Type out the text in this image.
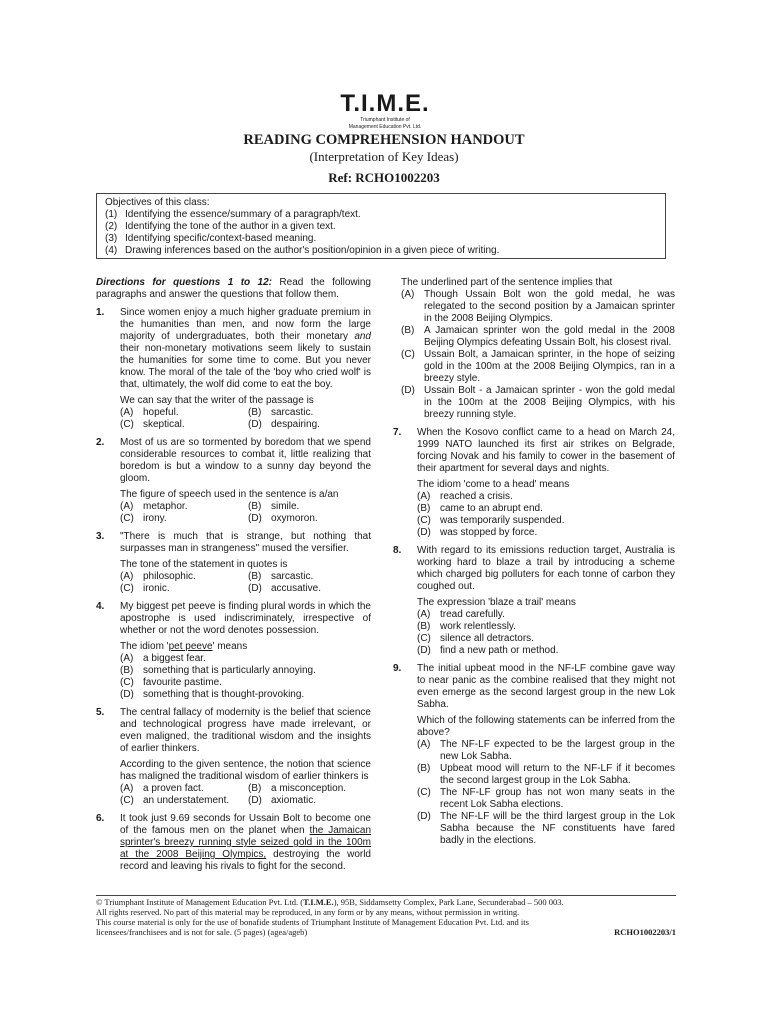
T.I.M.E.
Triumphant Institute of
Management Education Pvt. Ltd.
READING COMPREHENSION HANDOUT
(Interpretation of Key Ideas)
Ref: RCHO1002203
Objectives of this class:
(1) Identifying the essence/summary of a paragraph/text.
(2) Identifying the tone of the author in a given text.
(3) Identifying specific/context-based meaning.
(4) Drawing inferences based on the author's position/opinion in a given piece of writing.

Directions for questions 1 to 12: Read the following paragraphs and answer the questions that follow them.

1. Since women enjoy a much higher graduate premium in the humanities than men, and now form the large majority of undergraduates, both their monetary and their non-monetary motivations seem likely to sustain the humanities for some time to come. But you never know. The moral of the tale of the 'boy who cried wolf' is that, ultimately, the wolf did come to eat the boy.

We can say that the writer of the passage is

(A) hopeful.	(B) sarcastic.
(C) skeptical.	(D) despairing.
2. Most of us are so tormented by boredom that we spend considerable resources to combat it, little realizing that boredom is but a window to a sunny day beyond the gloom.

The figure of speech used in the sentence is a/an

(A) metaphor.	(B) simile.
(C) irony.	(D) oxymoron.
3. "There is much that is strange, but nothing that surpasses man in strangeness" mused the versifier.

The tone of the statement in quotes is

(A) philosophic.	(B) sarcastic.
(C) ironic.	(D) accusative.
4. My biggest pet peeve is finding plural words in which the apostrophe is used indiscriminately, irrespective of whether or not the word denotes possession.

The idiom 'pet peeve' means

(A) a biggest fear.
(B) something that is particularly annoying.
(C) favourite pastime.
(D) something that is thought-provoking.
5. The central fallacy of modernity is the belief that science and technological progress have made irrelevant, or even maligned, the traditional wisdom and the insights of earlier thinkers.

According to the given sentence, the notion that science has maligned the traditional wisdom of earlier thinkers is

(A) a proven fact.	(B) a misconception.
(C) an understatement.	(D) axiomatic.
6. It took just 9.69 seconds for Ussain Bolt to become one of the famous men on the planet when the Jamaican sprinter's breezy running style seized gold in the 100m at the 2008 Beijing Olympics, destroying the world record and leaving his rivals to fight for the second.

The underlined part of the sentence implies that

(A) Though Ussain Bolt won the gold medal, he was relegated to the second position by a Jamaican sprinter in the 2008 Beijing Olympics.
(B) A Jamaican sprinter won the gold medal in the 2008 Beijing Olympics defeating Ussain Bolt, his closest rival.
(C) Ussain Bolt, a Jamaican sprinter, in the hope of seizing gold in the 100m at the 2008 Beijing Olympics, ran in a breezy style.
(D) Ussain Bolt - a Jamaican sprinter - won the gold medal in the 100m at the 2008 Beijing Olympics, with his breezy running style.
7. When the Kosovo conflict came to a head on March 24, 1999 NATO launched its first air strikes on Belgrade, forcing Novak and his family to cower in the basement of their apartment for several days and nights.

The idiom 'come to a head' means

(A) reached a crisis.
(B) came to an abrupt end.
(C) was temporarily suspended.
(D) was stopped by force.
8. With regard to its emissions reduction target, Australia is working hard to blaze a trail by introducing a scheme which charged big polluters for each tonne of carbon they coughed out.

The expression 'blaze a trail' means

(A) tread carefully.
(B) work relentlessly.
(C) silence all detractors.
(D) find a new path or method.
9. The initial upbeat mood in the NF-LF combine gave way to near panic as the combine realised that they might not even emerge as the second largest group in the new Lok Sabha.

Which of the following statements can be inferred from the above?

(A) The NF-LF expected to be the largest group in the new Lok Sabha.
(B) Upbeat mood will return to the NF-LF if it becomes the second largest group in the Lok Sabha.
(C) The NF-LF group has not won many seats in the recent Lok Sabha elections.
(D) The NF-LF will be the third largest group in the Lok Sabha because the NF constituents have fared badly in the elections.
© Triumphant Institute of Management Education Pvt. Ltd. (T.I.M.E.), 95B, Siddamsetty Complex, Park Lane, Secunderabad – 500 003.
All rights reserved. No part of this material may be reproduced, in any form or by any means, without permission in writing.
This course material is only for the use of bonafide students of Triumphant Institute of Management Education Pvt. Ltd. and its
licensees/franchisees and is not for sale. (5 pages) (agea/ageb)	RCHO1002203/1
